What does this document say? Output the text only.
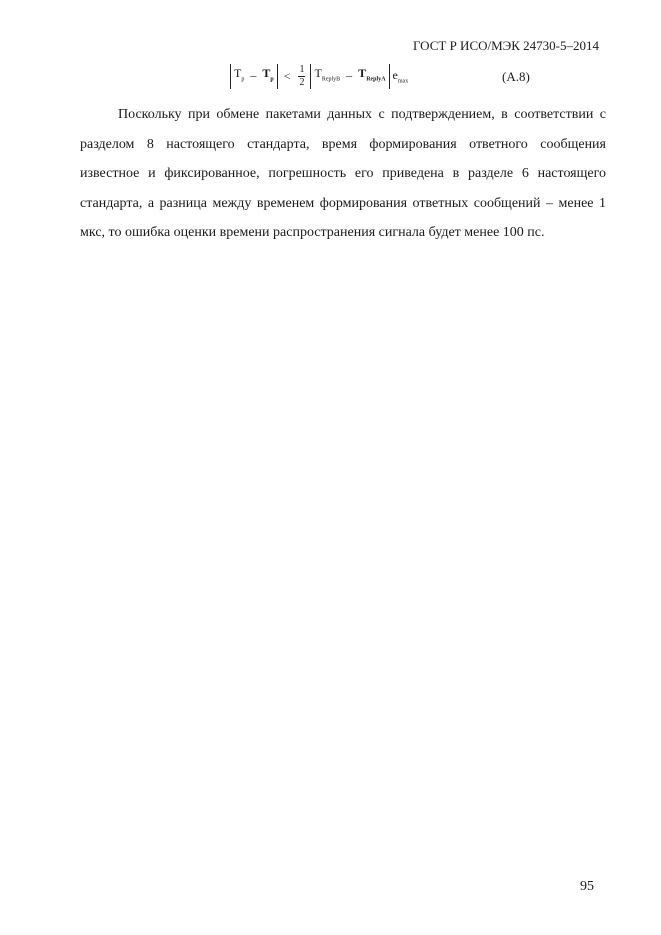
ГОСТ Р ИСО/МЭК 24730-5–2014
$T_p - T_p < \frac{1}{2} T_{ReplyB} - T_{ReplyA}$ $e_{max}$	(А.8)

Поскольку при обмене пакетами данных с подтверждением, в соответствии с разделом 8 настоящего стандарта, время формирования ответного сообщения известное и фиксированное, погрешность его приведена в разделе 6 настоящего стандарта, а разница между временем формирования ответных сообщений – менее 1 мкс, то ошибка оценки времени распространения сигнала будет менее 100 пс.

95
